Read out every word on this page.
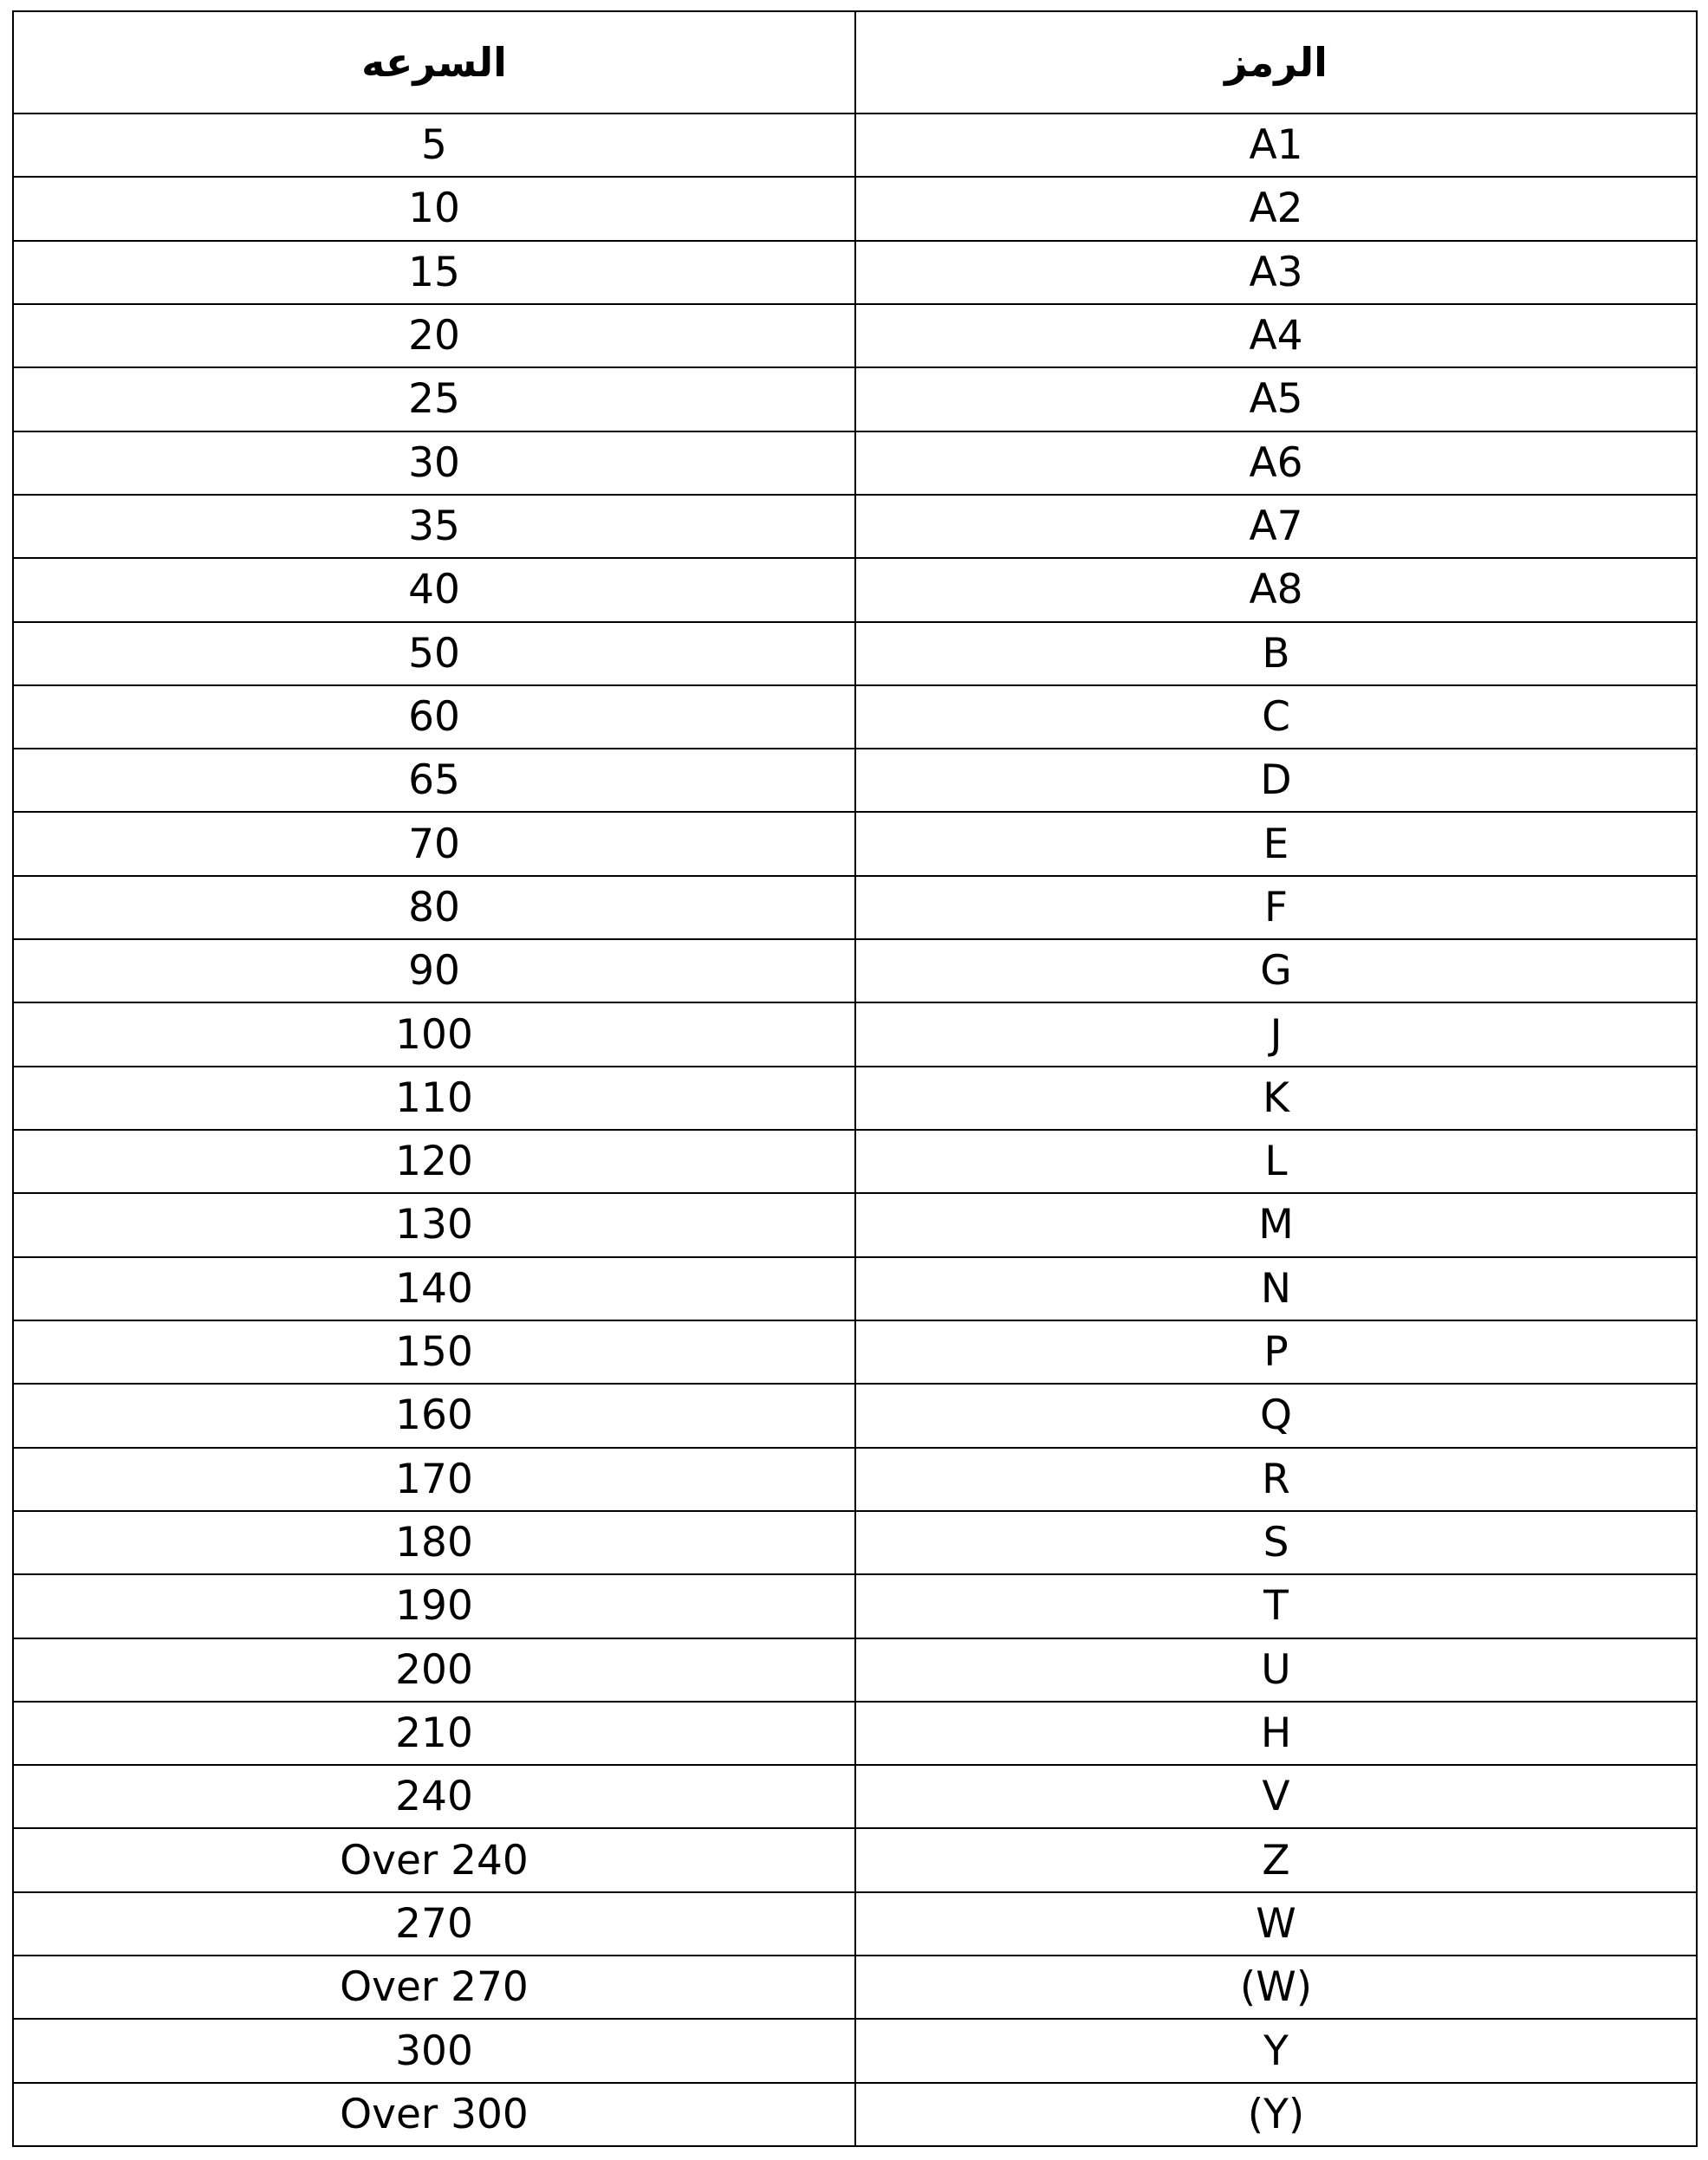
السرعه	الرمز
5	A1
10	A2
15	A3
20	A4
25	A5
30	A6
35	A7
40	A8
50	B
60	C
65	D
70	E
80	F
90	G
100	J
110	K
120	L
130	M
140	N
150	P
160	Q
170	R
180	S
190	T
200	U
210	H
240	V
Over 240	Z
270	W
Over 270	(W)
300	Y
Over 300	(Y)
